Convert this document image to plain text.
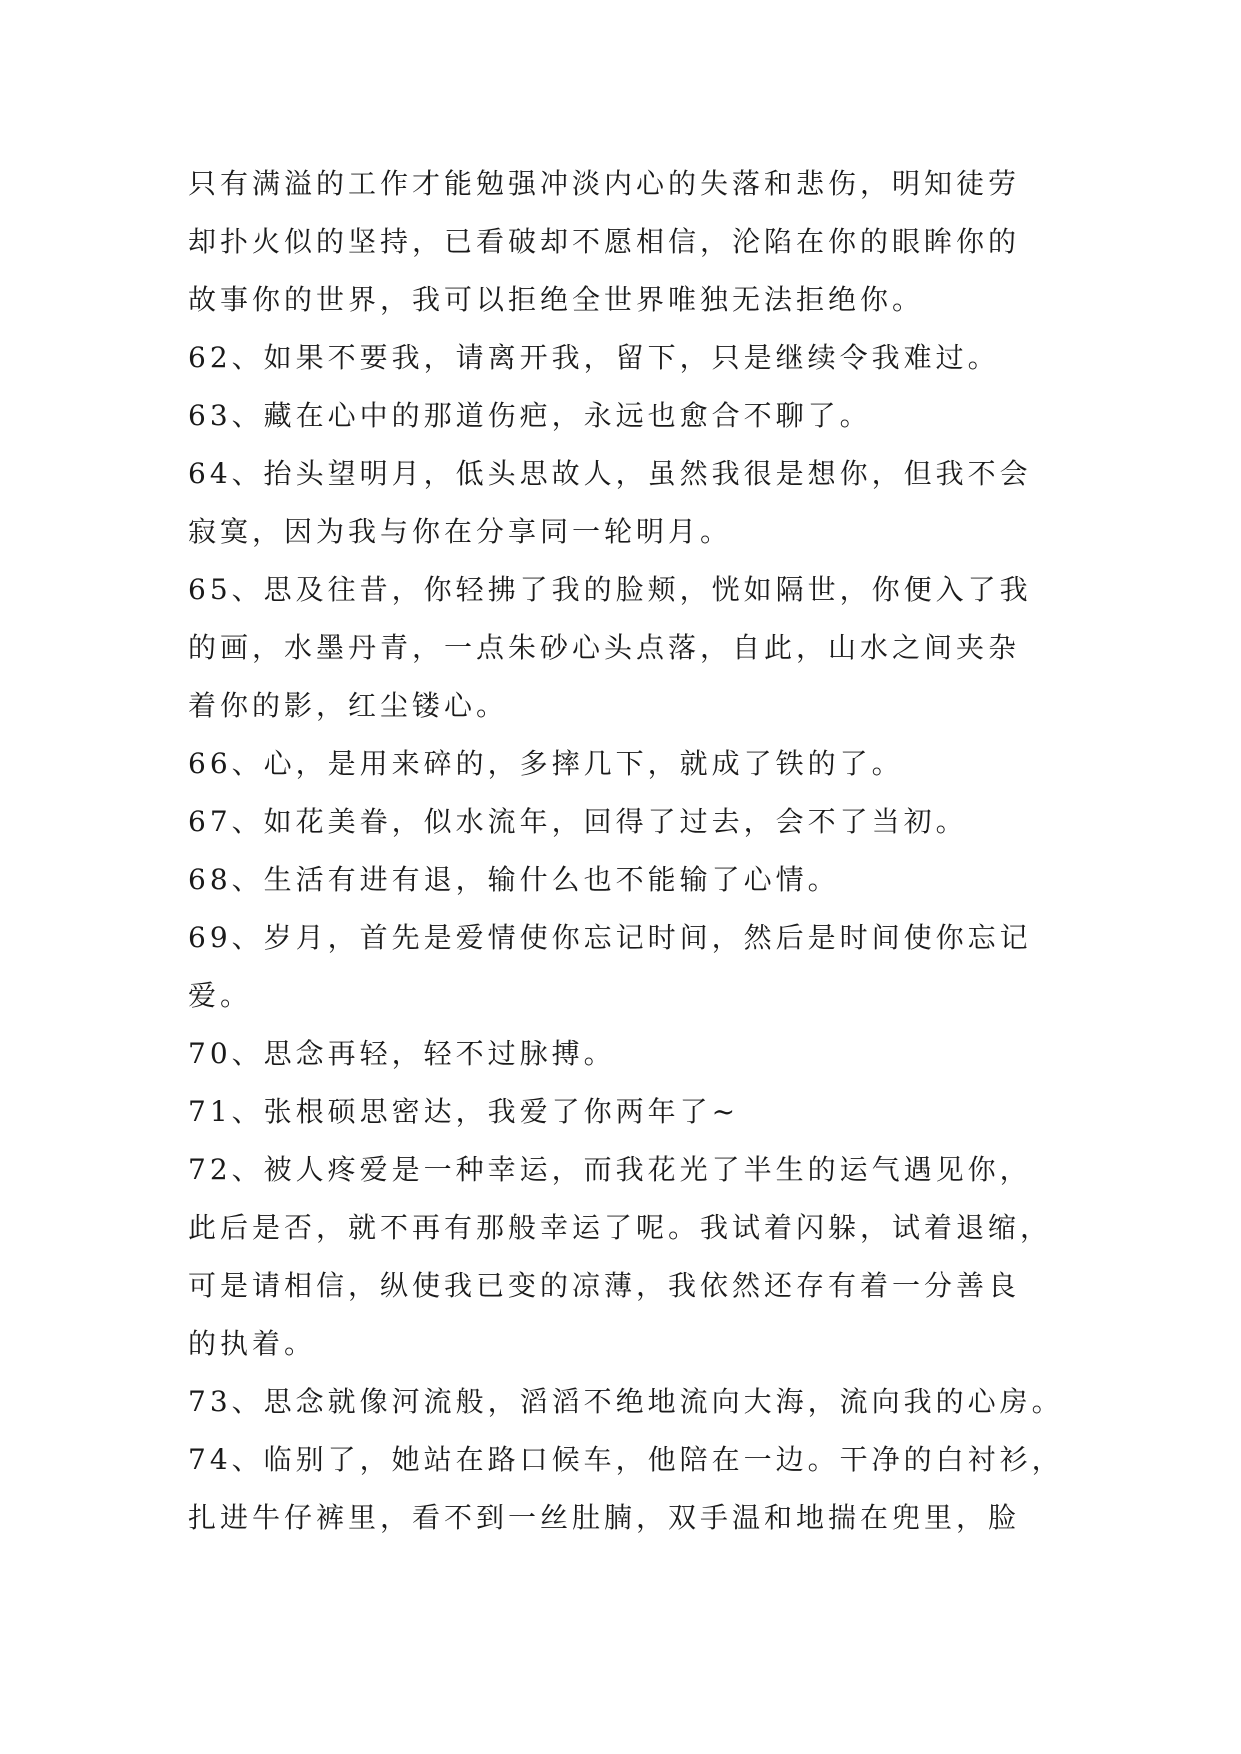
只有满溢的工作才能勉强冲淡内心的失落和悲伤，明知徒劳
却扑火似的坚持，已看破却不愿相信，沦陷在你的眼眸你的
故事你的世界，我可以拒绝全世界唯独无法拒绝你。

62、如果不要我，请离开我，留下，只是继续令我难过。

63、藏在心中的那道伤疤，永远也愈合不聊了。

64、抬头望明月，低头思故人，虽然我很是想你，但我不会
寂寞，因为我与你在分享同一轮明月。

65、思及往昔，你轻拂了我的脸颊，恍如隔世，你便入了我
的画，水墨丹青，一点朱砂心头点落，自此，山水之间夹杂
着你的影，红尘镂心。

66、心，是用来碎的，多摔几下，就成了铁的了。

67、如花美眷，似水流年，回得了过去，会不了当初。

68、生活有进有退，输什么也不能输了心情。

69、岁月，首先是爱情使你忘记时间，然后是时间使你忘记
爱。

70、思念再轻，轻不过脉搏。

71、张根硕思密达，我爱了你两年了~

72、被人疼爱是一种幸运，而我花光了半生的运气遇见你，
此后是否，就不再有那般幸运了呢。我试着闪躲，试着退缩，
可是请相信，纵使我已变的凉薄，我依然还存有着一分善良
的执着。

73、思念就像河流般，滔滔不绝地流向大海，流向我的心房。

74、临别了，她站在路口候车，他陪在一边。干净的白衬衫，
扎进牛仔裤里，看不到一丝肚腩，双手温和地揣在兜里，脸
